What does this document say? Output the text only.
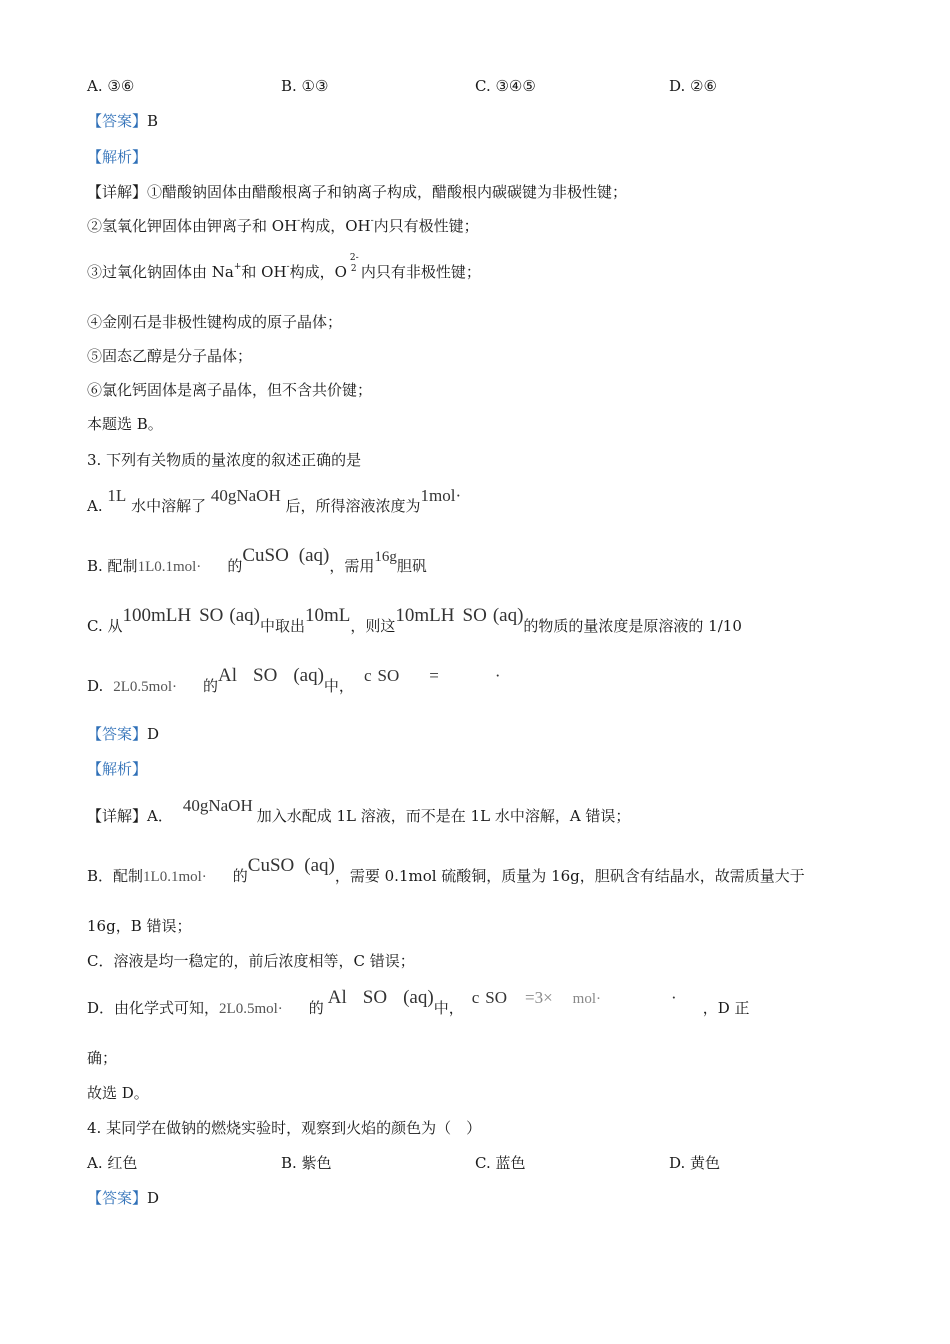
A. ③⑥	B. ①③	C. ③④⑤	D. ②⑥
【答案】B
【解析】
【详解】①醋酸钠固体由醋酸根离子和钠离子构成，醋酸根内碳碳键为非极性键；
②氢氧化钾固体由钾离子和 OH-构成，OH-内只有极性键；
③过氧化钠固体由 Na+和 OH-构成，O
2-
2 内只有非极性键；
④金刚石是非极性键构成的原子晶体；
⑤固态乙醇是分子晶体；
⑥氯化钙固体是离子晶体，但不含共价键；
本题选 B。
3. 下列有关物质的量浓度的叙述正确的是
A. 1L 水中溶解了 40gNaOH 后，所得溶液浓度为1mol·
B. 配制1L0.1mol· 的CuSO (aq)，需用16g胆矾
C. 从100mLH SO (aq)中取出10mL，则这10mLH SO (aq)的物质的量浓度是原溶液的 1/10
D. 2L0.5mol· 的Al SO (aq)中，c SO =	·
【答案】D
【解析】
【详解】A．40gNaOH加入水配成 1L 溶液，而不是在 1L 水中溶解，A 错误；
B．配制1L0.1mol· 的CuSO (aq)，需要 0.1mol 硫酸铜，质量为 16g，胆矾含有结晶水，故需质量大于
16g，B 错误；
C．溶液是均一稳定的，前后浓度相等，C 错误；
D．由化学式可知，2L0.5mol· 的 Al SO (aq)中，c SO =3× mol·	·，D 正
确；
故选 D。
4. 某同学在做钠的燃烧实验时，观察到火焰的颜色为（　）
A. 红色	B. 紫色	C. 蓝色	D. 黄色
【答案】D
